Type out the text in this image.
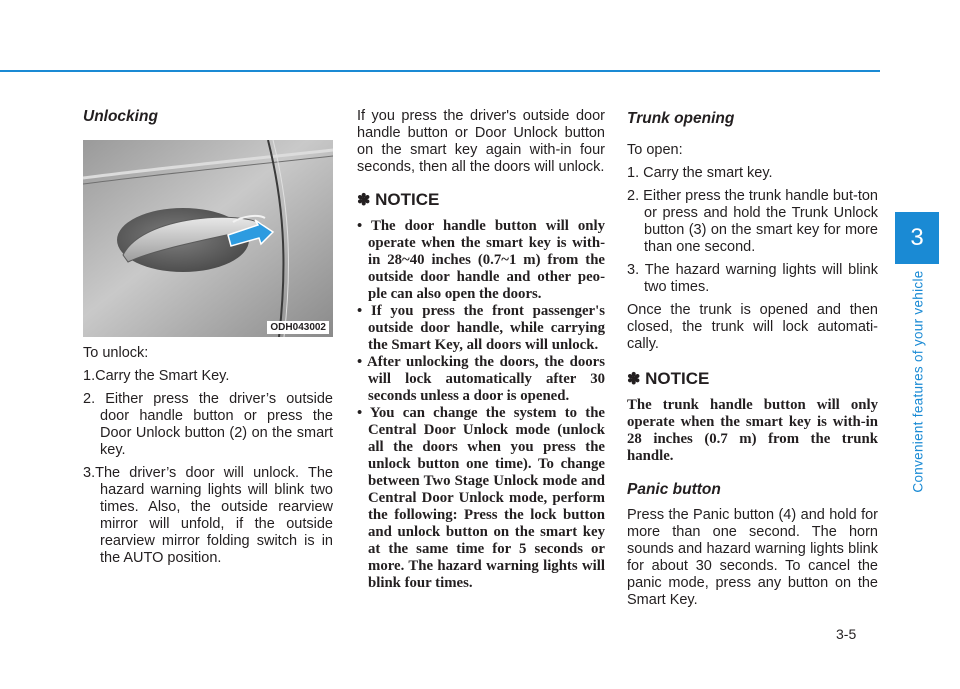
3
Convenient features of your vehicle
Unlocking
ODH043002

To unlock:

1.Carry the Smart Key.

2. Either press the driver’s outside door handle button or press the Door Unlock button (2) on the smart key.

3.The driver’s door will unlock. The hazard warning lights will blink two times. Also, the outside rearview mirror will unfold, if the outside rearview mirror folding switch is in the AUTO position.

If you press the driver's outside door handle button or Door Unlock button on the smart key again with-in four seconds, then all the doors will unlock.

✽ NOTICE
• The door handle button will only operate when the smart key is with-in 28~40 inches (0.7~1 m) from the outside door handle and other peo-ple can also open the doors.
• If you press the front passenger's outside door handle, while carrying the Smart Key, all doors will unlock.
• After unlocking the doors, the doors will lock automatically after 30 seconds unless a door is opened.
• You can change the system to the Central Door Unlock mode (unlock all the doors when you press the unlock button one time). To change between Two Stage Unlock mode and Central Door Unlock mode, perform the following: Press the lock button and unlock button on the smart key at the same time for 5 seconds or more. The hazard warning lights will blink four times.
Trunk opening

To open:

1. Carry the smart key.

2. Either press the trunk handle but-ton or press and hold the Trunk Unlock button (3) on the smart key for more than one second.

3. The hazard warning lights will blink two times.

Once the trunk is opened and then closed, the trunk will lock automati-cally.

✽ NOTICE

The trunk handle button will only operate when the smart key is with-in 28 inches (0.7 m) from the trunk handle.

Panic button

Press the Panic button (4) and hold for more than one second. The horn sounds and hazard warning lights blink for about 30 seconds. To cancel the panic mode, press any button on the Smart Key.

3-5
